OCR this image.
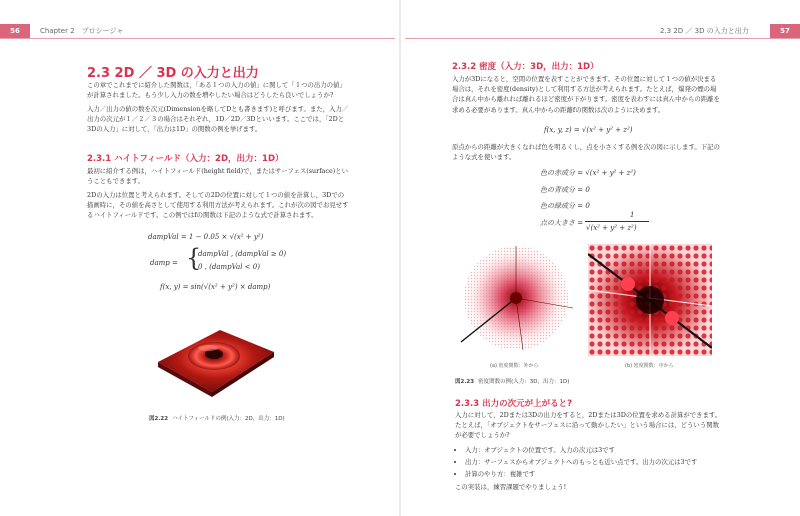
56	Chapter 2　プロシージャ	2.3 2D ／ 3D の入力と出力	57
2.3 2D ／ 3D の入力と出力
この章でこれまでに紹介した関数は，「ある１つの入力の値」に関して「１つの出力の値」が計算されました。もう少し入力の数を増やしたい場合はどうしたら良いでしょうか?
入力／出力の値の数を次元(Dimensionを略してDとも書きます)と呼びます。また，入力／出力の次元が１／２／３の場合はそれぞれ，1D／2D／3Dといいます。ここでは，「2Dと3Dの入力」に対して，「出力は1D」の関数の例を挙げます。
2.3.1 ハイトフィールド（入力：2D，出力：1D）
最初に紹介する例は，ハイトフィールド(height field)で，またはサーフェス(surface)ということもできます。
2Dの入力は位置と考えられます。そしての2Dの位置に対して１つの値を計算し，3Dでの描画時に，その値を高さとして使用する利用方法が考えられます。これが次の図でお見せするハイトフィールドです。この例ではfの関数は下記のような式で計算されます。
dampVal = 1 − 0.05 × √(x² + y²)
damp = {
dampVal , (dampVal ≥ 0)
0 , (dampVal < 0)
f(x, y) = sin(√(x² + y²) × damp)
図2.22 ハイトフィールドの例(入力：2D，出力：1D)
2.3.2 密度（入力：3D，出力：1D）
入力が3Dになると，空間の位置を表すことができます。その位置に対して１つの値が決まる場合は，それを密度(density)として利用する方法が考えられます。たとえば，爆発の煙の場合は真ん中から離れれば離れるほど密度が下がります。密度を表わすには真ん中からの距離を求める必要があります。真ん中からの距離fの関数は次のように決めます。
f(x, y, z) = √(x² + y² + z²)
原点からの距離が大きくなれば色を明るくし，点を小さくする例を次の図に示します。下記のような式を使います。
色の赤成分 = √(x² + y² + z²)
色の青成分 = 0
色の緑成分 = 0
点の大きさ =
1
√(x² + y² + z²)
(a) 密度関数：外から	(b) 密度関数：中から
図2.23 密度関数の例(入力：3D，出力：1D)
2.3.3 出力の次元が上がると?
入力に対して，2Dまたは3Dの出力をすると，2Dまたは3Dの位置を求める計算ができます。たとえば，「オブジェクトをサーフェスに沿って動かしたい」という場合には，どういう関数が必要でしょうか?
• 入力：オブジェクトの位置です。入力の次元は3です
• 出力：サーフェスからオブジェクトへのもっとも近い点です。出力の次元は3です
• 計算のやり方：複雑です
この実装は，練習課題でやりましょう!
